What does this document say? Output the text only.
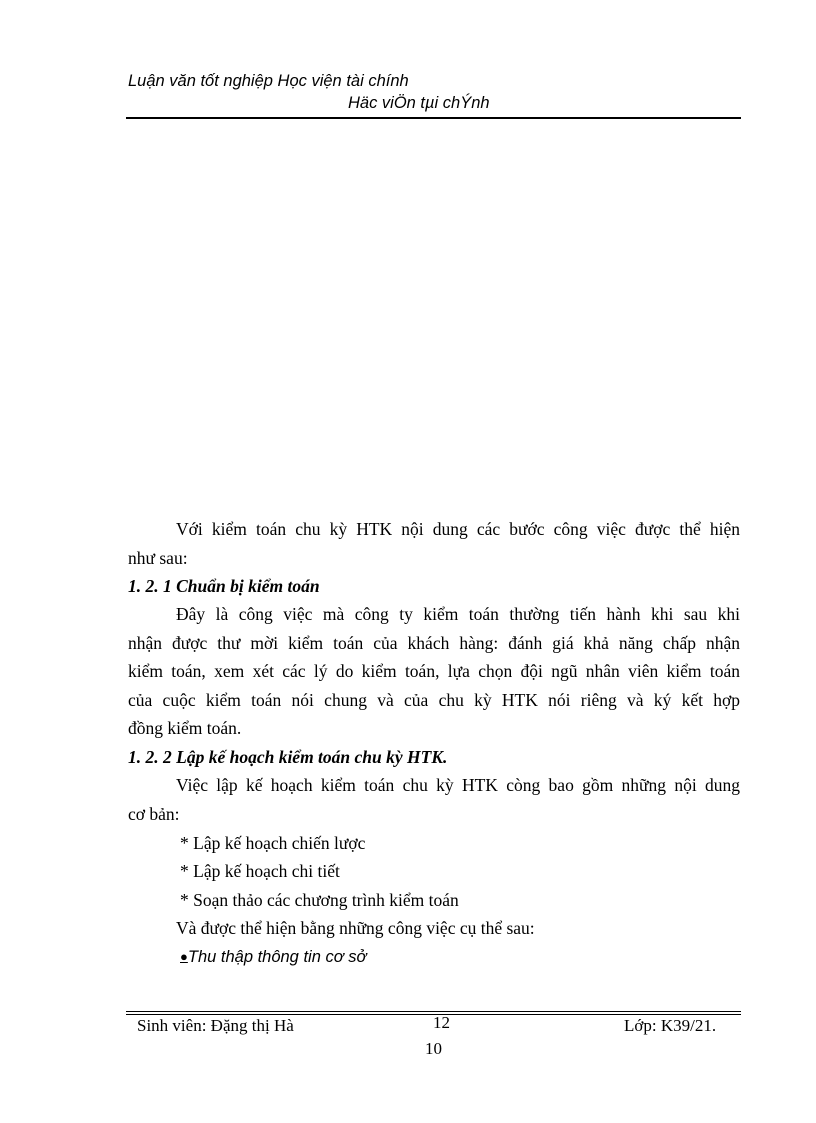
Luận văn tốt nghiệp Học viện tài chính
Häc viÖn tµi chÝnh
Với kiểm toán chu kỳ HTK nội dung các bước công việc được thể hiện
như sau:
1. 2. 1 Chuẩn bị kiểm toán
Đây là công việc mà công ty kiểm toán thường tiến hành khi sau khi
nhận được thư mời kiểm toán của khách hàng: đánh giá khả năng chấp nhận
kiểm toán, xem xét các lý do kiểm toán, lựa chọn đội ngũ nhân viên kiểm toán
của cuộc kiểm toán nói chung và của chu kỳ HTK nói riêng và ký kết hợp
đồng kiểm toán.
1. 2. 2 Lập kế hoạch kiểm toán chu kỳ HTK.
Việc lập kế hoạch kiểm toán chu kỳ HTK còng bao gồm những nội dung
cơ bản:
* Lập kế hoạch chiến lược
* Lập kế hoạch chi tiết
* Soạn thảo các chương trình kiểm toán
Và được thể hiện bằng những công việc cụ thể sau:
●Thu thập thông tin cơ sở
Sinh viên: Đặng thị Hà	12
10
Lớp: K39/21.
